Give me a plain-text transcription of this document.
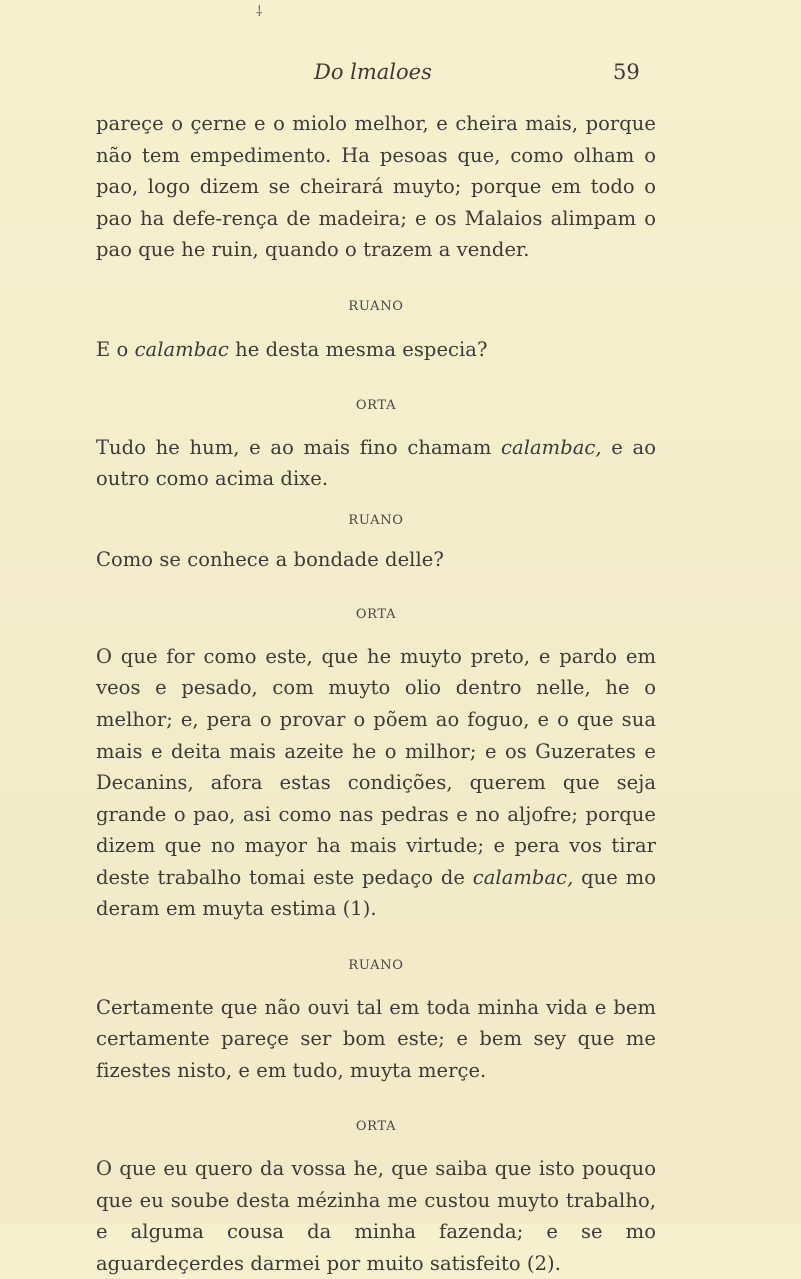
⸸
Do lmaloes	59

pareçe o çerne e o miolo melhor, e cheira mais, porque não tem empedimento. Ha pesoas que, como olham o pao, logo dizem se cheirará muyto; porque em todo o pao ha defe-rença de madeira; e os Malaios alimpam o pao que he ruin, quando o trazem a vender.

RUANO

E o calambac he desta mesma especia?

ORTA

Tudo he hum, e ao mais fino chamam calambac, e ao outro como acima dixe.

RUANO

Como se conhece a bondade delle?

ORTA

O que for como este, que he muyto preto, e pardo em veos e pesado, com muyto olio dentro nelle, he o melhor; e, pera o provar o põem ao foguo, e o que sua mais e deita mais azeite he o milhor; e os Guzerates e Decanins, afora estas condições, querem que seja grande o pao, asi como nas pedras e no aljofre; porque dizem que no mayor ha mais virtude; e pera vos tirar deste trabalho tomai este pedaço de calambac, que mo deram em muyta estima (1).

RUANO

Certamente que não ouvi tal em toda minha vida e bem certamente pareçe ser bom este; e bem sey que me fizestes nisto, e em tudo, muyta merçe.

ORTA

O que eu quero da vossa he, que saiba que isto pouquo que eu soube desta mézinha me custou muyto trabalho, e alguma cousa da minha fazenda; e se mo aguardeçerdes darmei por muito satisfeito (2).
